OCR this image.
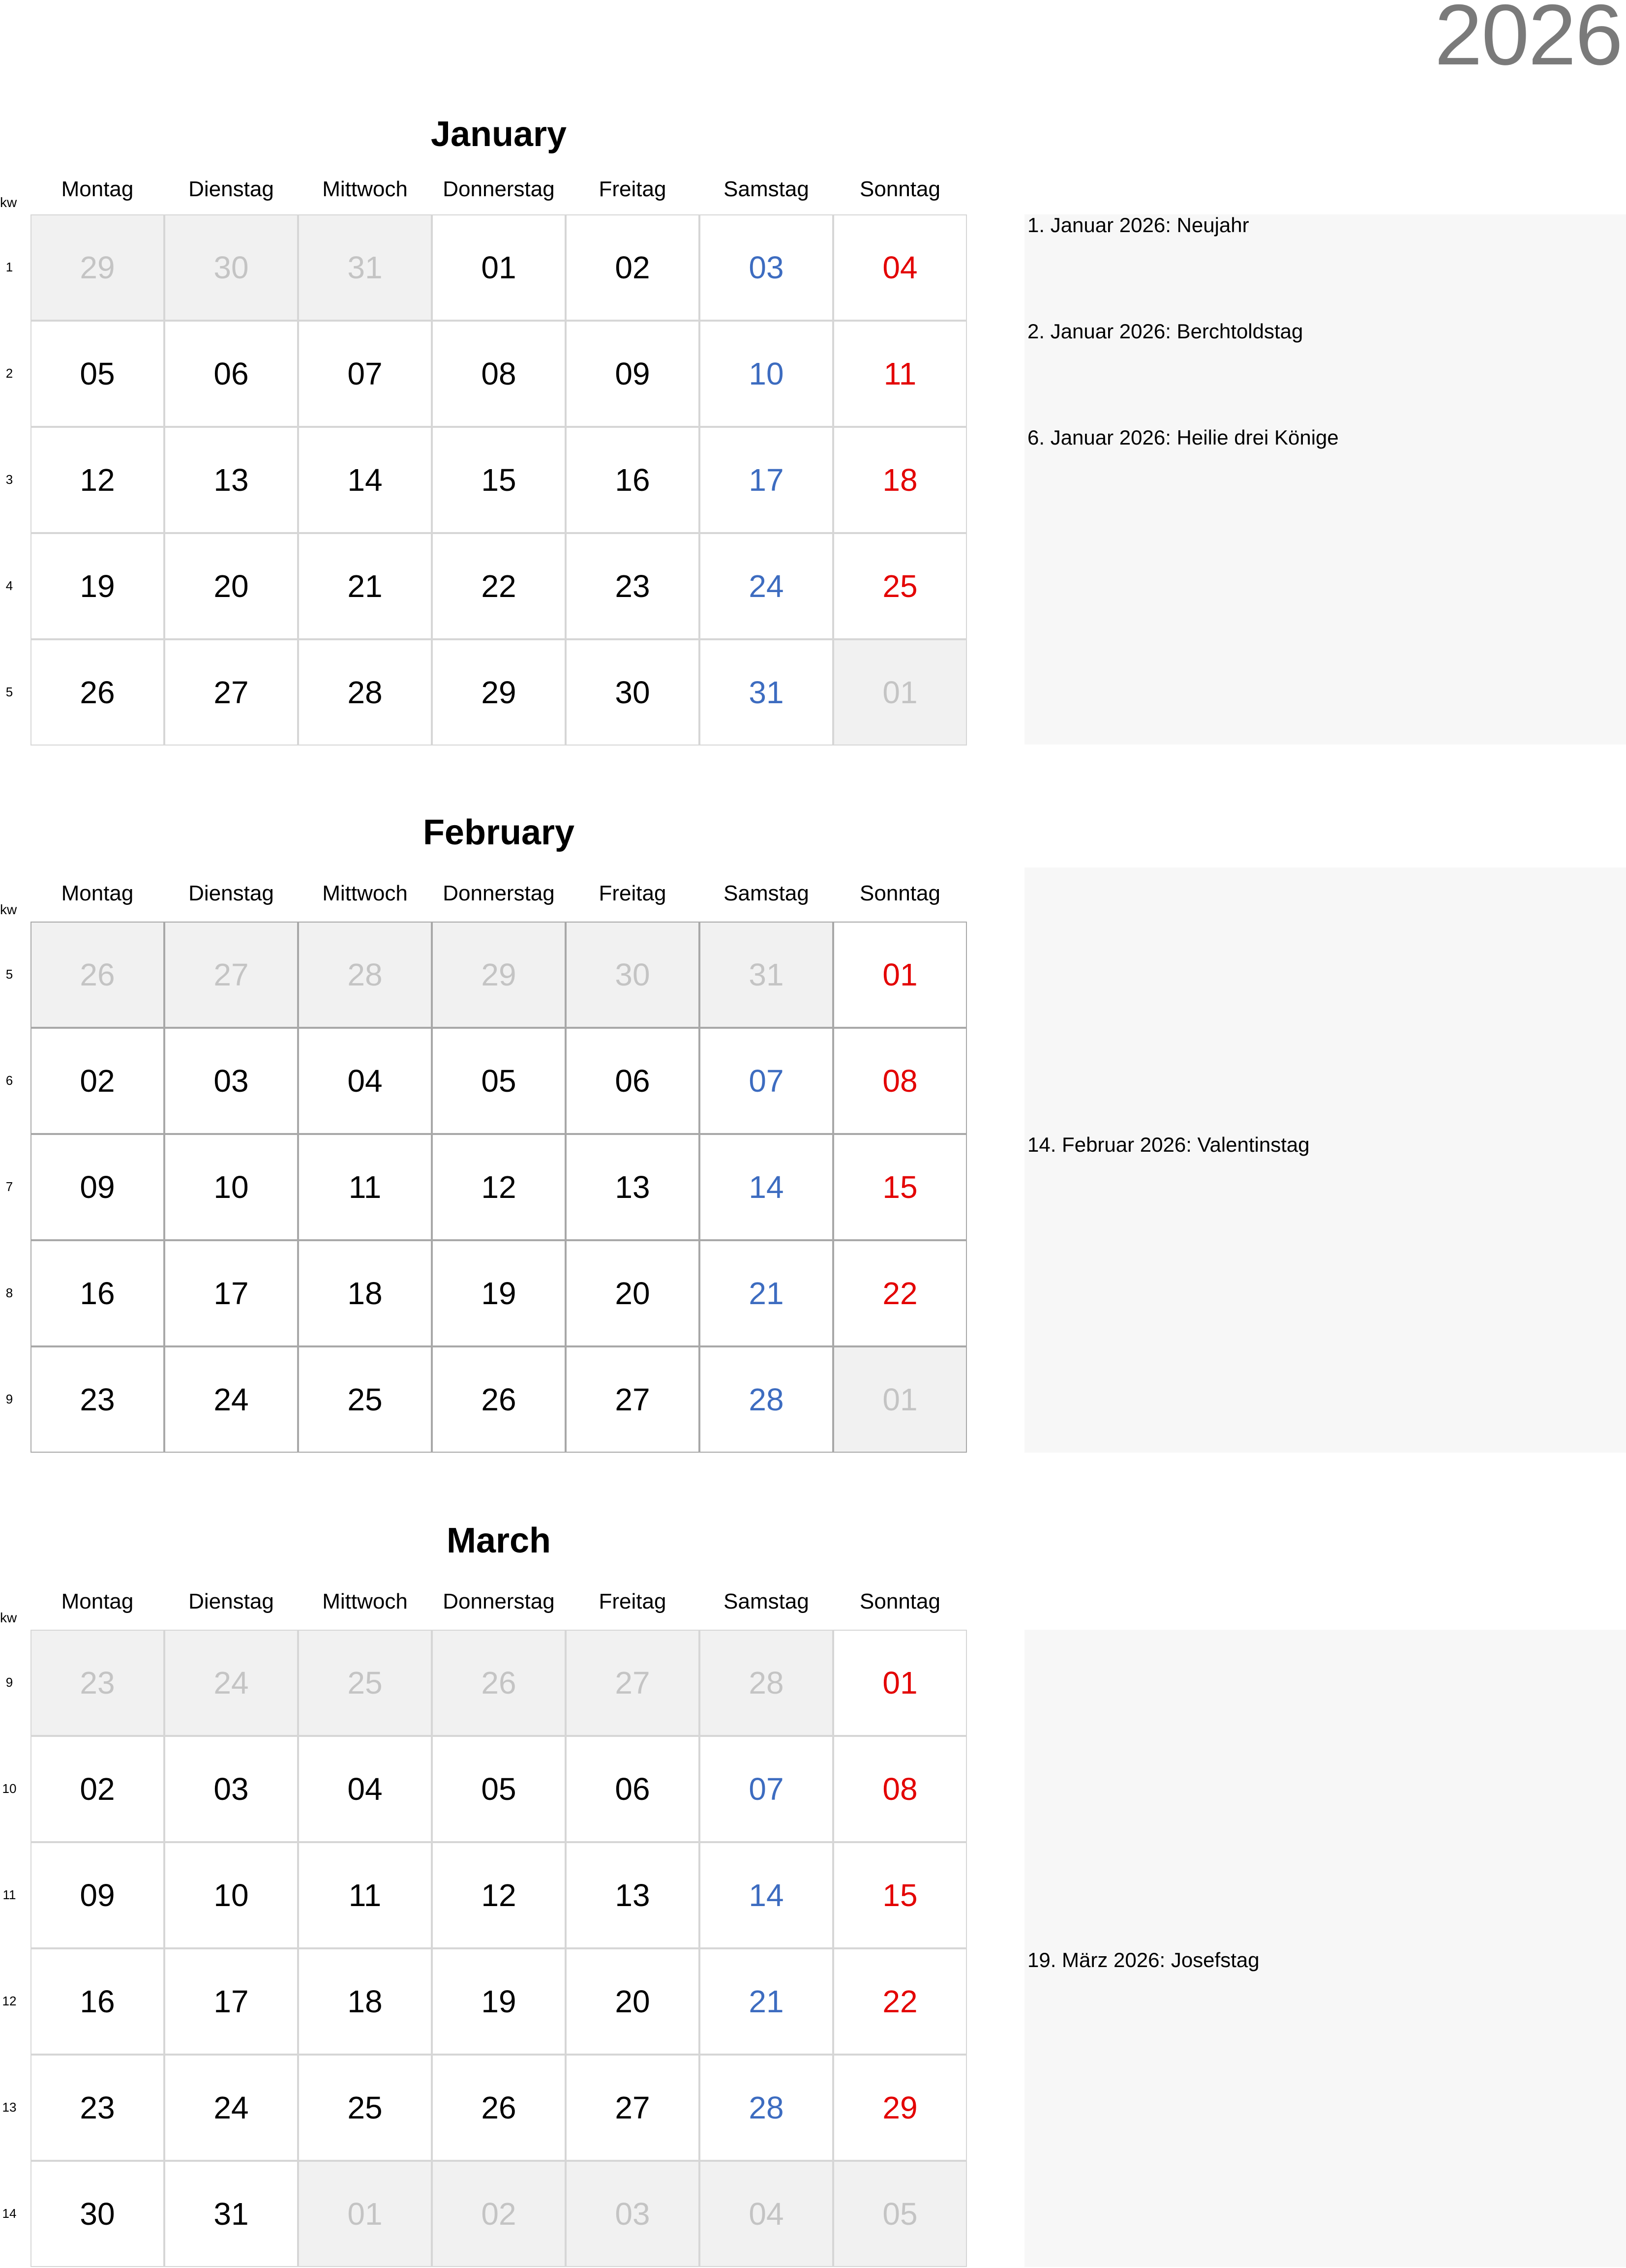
2026
January
Montag	Dienstag	Mittwoch	Donnerstag	Freitag	Samstag	Sonntag
kw
1	29	30	31	01	02	03	04
2	05	06	07	08	09	10	11
3	12	13	14	15	16	17	18
4	19	20	21	22	23	24	25
5	26	27	28	29	30	31	01
1. Januar 2026: Neujahr
2. Januar 2026: Berchtoldstag
6. Januar 2026: Heilie drei Könige
February
Montag	Dienstag	Mittwoch	Donnerstag	Freitag	Samstag	Sonntag
kw
5	26	27	28	29	30	31	01
6	02	03	04	05	06	07	08
7	09	10	11	12	13	14	15
8	16	17	18	19	20	21	22
9	23	24	25	26	27	28	01
14. Februar 2026: Valentinstag
March
Montag	Dienstag	Mittwoch	Donnerstag	Freitag	Samstag	Sonntag
kw
9	23	24	25	26	27	28	01
10	02	03	04	05	06	07	08
11	09	10	11	12	13	14	15
12	16	17	18	19	20	21	22
13	23	24	25	26	27	28	29
14	30	31	01	02	03	04	05
19. März 2026: Josefstag
